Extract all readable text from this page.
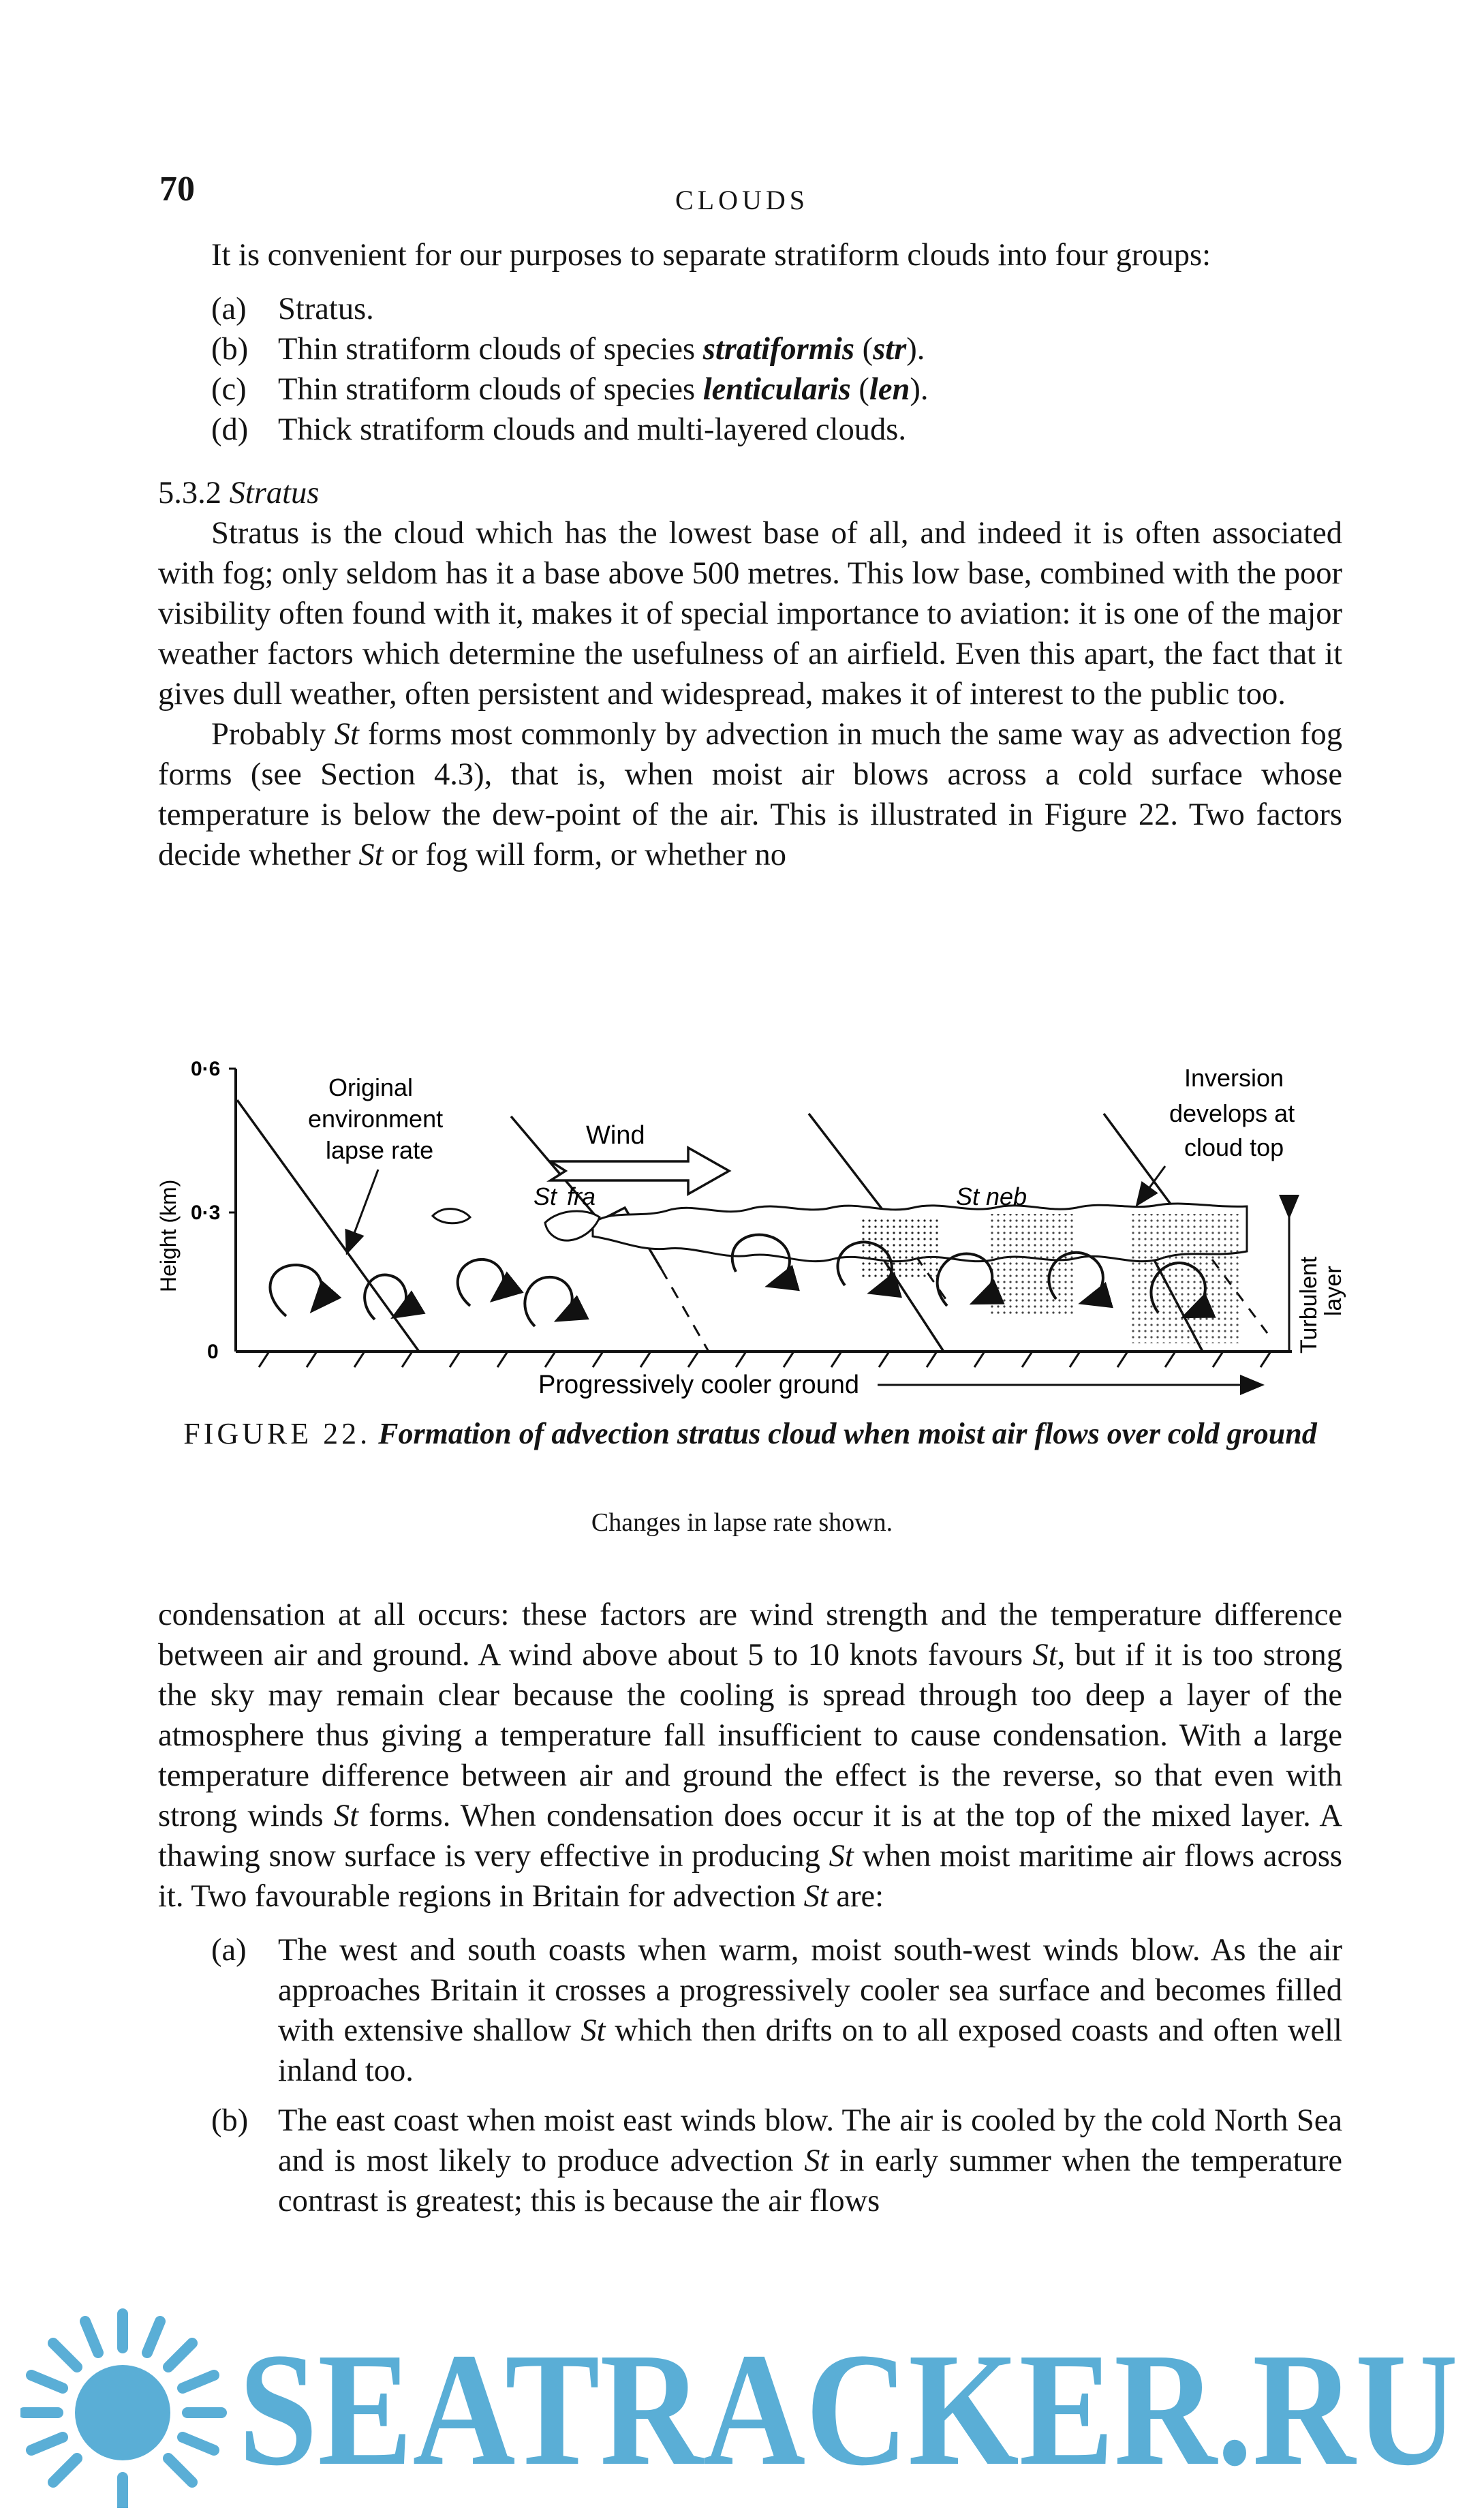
70	CLOUDS

It is convenient for our purposes to separate stratiform clouds into four groups:

(a) Stratus.
(b) Thin stratiform clouds of species stratiformis (str).
(c) Thin stratiform clouds of species lenticularis (len).
(d) Thick stratiform clouds and multi-layered clouds.
5.3.2 Stratus

Stratus is the cloud which has the lowest base of all, and indeed it is often associated with fog; only seldom has it a base above 500 metres. This low base, combined with the poor visibility often found with it, makes it of special importance to aviation: it is one of the major weather factors which determine the usefulness of an airfield. Even this apart, the fact that it gives dull weather, often persistent and widespread, makes it of interest to the public too.

Probably St forms most commonly by advection in much the same way as advection fog forms (see Section 4.3), that is, when moist air blows across a cold surface whose temperature is below the dew-point of the air. This is illustrated in Figure 22. Two factors decide whether St or fog will form, or whether no

0·6
0·3
0
Height (km)
Wind
Original
environment
lapse rate
St fra	St neb
Inversion
develops at
cloud top
Turbulent
layer
Progressively cooler ground
FIGURE 22. Formation of advection stratus cloud when moist air flows over cold ground
Changes in lapse rate shown.

condensation at all occurs: these factors are wind strength and the temperature difference between air and ground. A wind above about 5 to 10 knots favours St, but if it is too strong the sky may remain clear because the cooling is spread through too deep a layer of the atmosphere thus giving a temperature fall insufficient to cause condensation. With a large temperature difference between air and ground the effect is the reverse, so that even with strong winds St forms. When condensation does occur it is at the top of the mixed layer. A thawing snow surface is very effective in producing St when moist maritime air flows across it. Two favourable regions in Britain for advection St are:

(a) The west and south coasts when warm, moist south-west winds blow. As the air approaches Britain it crosses a progressively cooler sea surface and becomes filled with extensive shallow St which then drifts on to all exposed coasts and often well inland too.
(b) The east coast when moist east winds blow. The air is cooled by the cold North Sea and is most likely to produce advection St in early summer when the temperature contrast is greatest; this is because the air flows
SEATRACKER.RU
